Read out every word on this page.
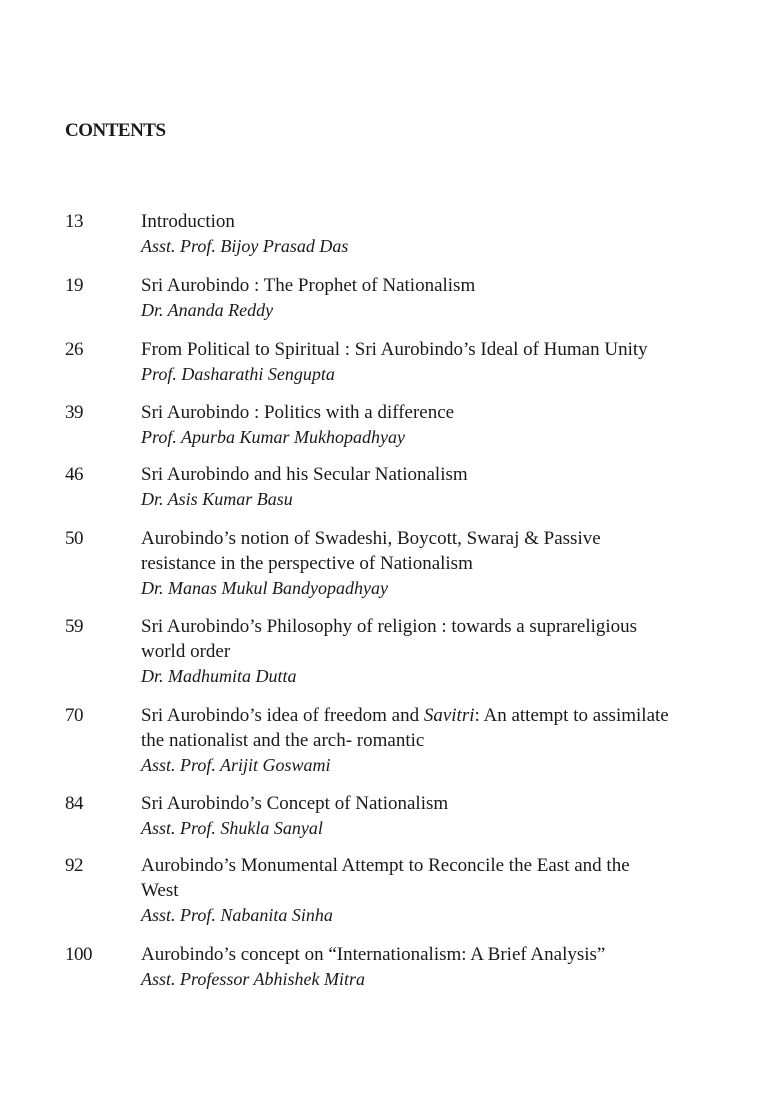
CONTENTS
13	Introduction

Asst. Prof. Bijoy Prasad Das

19	Sri Aurobindo : The Prophet of Nationalism

Dr. Ananda Reddy

26	From Political to Spiritual : Sri Aurobindo’s Ideal of Human Unity

Prof. Dasharathi Sengupta

39	Sri Aurobindo : Politics with a difference

Prof. Apurba Kumar Mukhopadhyay

46	Sri Aurobindo and his Secular Nationalism

Dr. Asis Kumar Basu

50	Aurobindo’s notion of Swadeshi, Boycott, Swaraj & Passive

resistance in the perspective of Nationalism

Dr. Manas Mukul Bandyopadhyay

59	Sri Aurobindo’s Philosophy of religion : towards a suprareligious

world order

Dr. Madhumita Dutta

70	Sri Aurobindo’s idea of freedom and Savitri: An attempt to assimilate

the nationalist and the arch- romantic

Asst. Prof. Arijit Goswami

84	Sri Aurobindo’s Concept of Nationalism

Asst. Prof. Shukla Sanyal

92	Aurobindo’s Monumental Attempt to Reconcile the East and the

West

Asst. Prof. Nabanita Sinha

100	Aurobindo’s concept on “Internationalism: A Brief Analysis”

Asst. Professor Abhishek Mitra
